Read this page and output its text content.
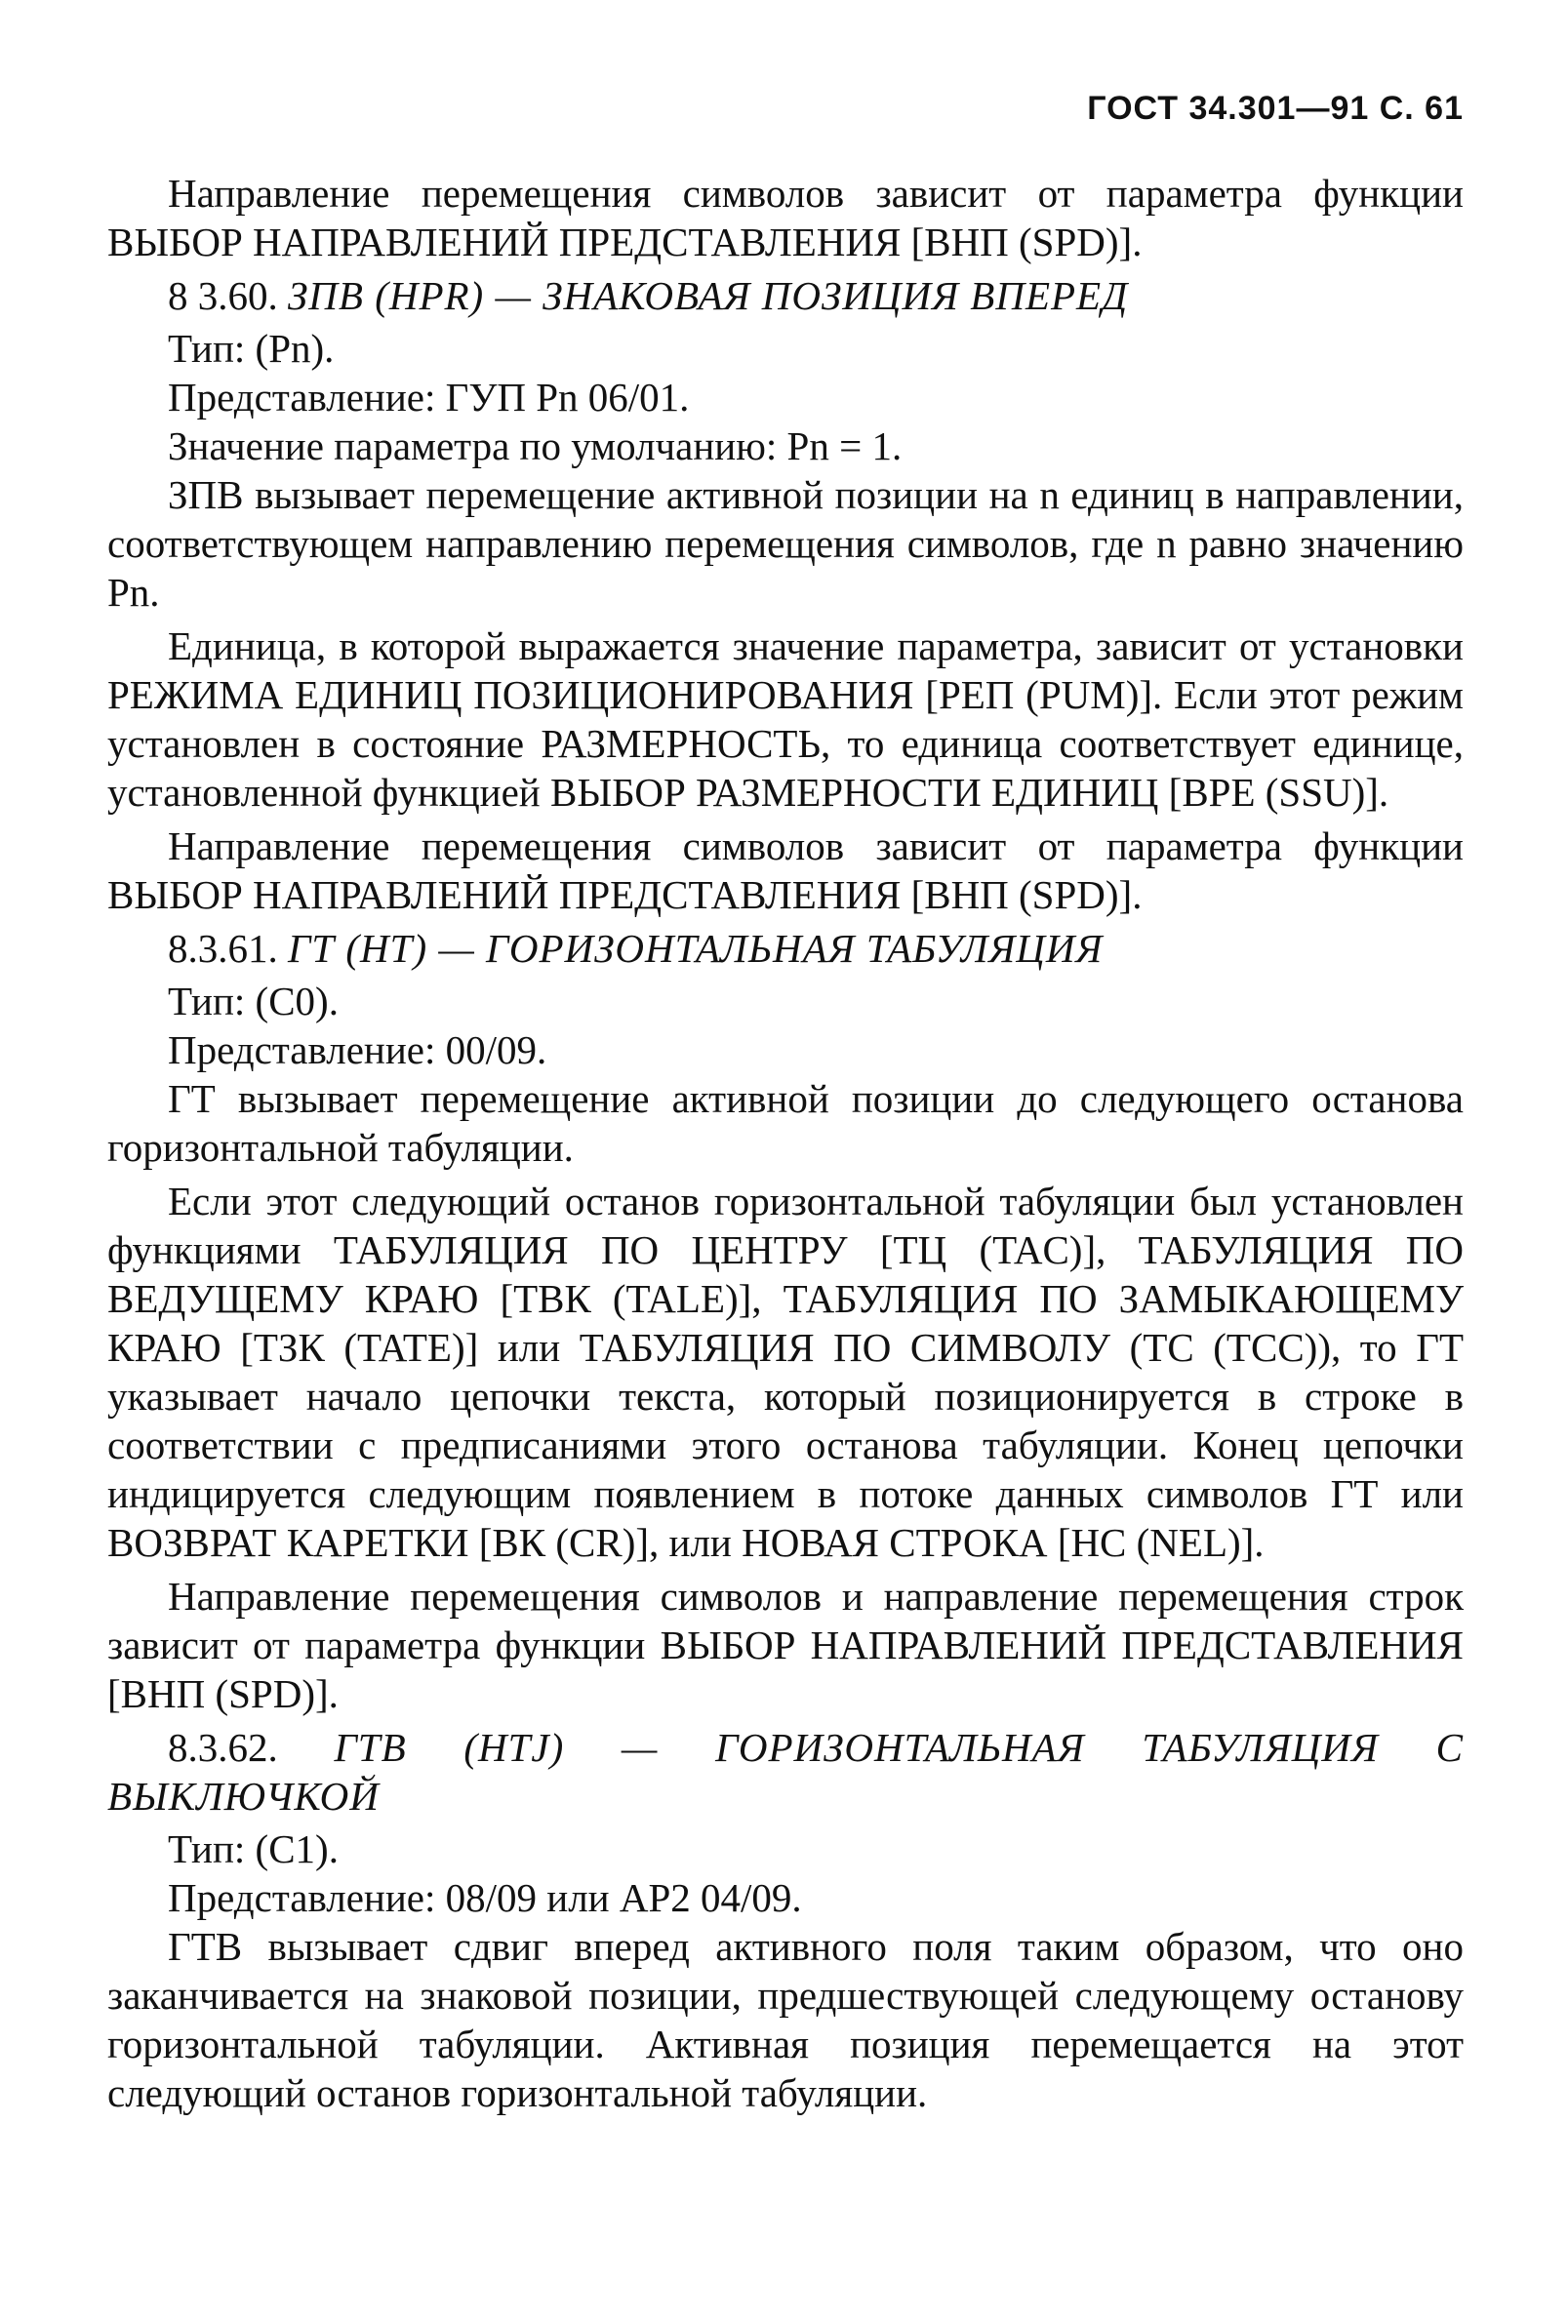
ГОСТ 34.301—91 С. 61

Направление перемещения символов зависит от параметра функции ВЫБОР НАПРАВЛЕНИЙ ПРЕДСТАВЛЕНИЯ [ВНП (SPD)].

8 3.60. ЗПВ (HPR) — ЗНАКОВАЯ ПОЗИЦИЯ ВПЕРЕД

Тип: (Pn).

Представление: ГУП Pn 06/01.

Значение параметра по умолчанию: Pn = 1.

ЗПВ вызывает перемещение активной позиции на n единиц в направлении, соответствующем направлению перемещения символов, где n равно значению Pn.

Единица, в которой выражается значение параметра, зависит от установки РЕЖИМА ЕДИНИЦ ПОЗИЦИОНИРОВАНИЯ [РЕП (PUM)]. Если этот режим установлен в состояние РАЗМЕРНОСТЬ, то единица соответствует единице, установленной функцией ВЫБОР РАЗМЕРНОСТИ ЕДИНИЦ [ВРЕ (SSU)].

Направление перемещения символов зависит от параметра функции ВЫБОР НАПРАВЛЕНИЙ ПРЕДСТАВЛЕНИЯ [ВНП (SPD)].

8.3.61. ГТ (HT) — ГОРИЗОНТАЛЬНАЯ ТАБУЛЯЦИЯ

Тип: (C0).

Представление: 00/09.

ГТ вызывает перемещение активной позиции до следующего останова горизонтальной табуляции.

Если этот следующий останов горизонтальной табуляции был установлен функциями ТАБУЛЯЦИЯ ПО ЦЕНТРУ [ТЦ (TAC)], ТАБУЛЯЦИЯ ПО ВЕДУЩЕМУ КРАЮ [ТВК (TALE)], ТАБУЛЯЦИЯ ПО ЗАМЫКАЮЩЕМУ КРАЮ [ТЗК (TATE)] или ТАБУЛЯЦИЯ ПО СИМВОЛУ (ТС (TCC)), то ГТ указывает начало цепочки текста, который позиционируется в строке в соответствии с предписаниями этого останова табуляции. Конец цепочки индицируется следующим появлением в потоке данных символов ГТ или ВОЗВРАТ КАРЕТКИ [ВК (CR)], или НОВАЯ СТРОКА [НС (NEL)].

Направление перемещения символов и направление перемещения строк зависит от параметра функции ВЫБОР НАПРАВЛЕНИЙ ПРЕДСТАВЛЕНИЯ [ВНП (SPD)].

8.3.62. ГТВ (HTJ) — ГОРИЗОНТАЛЬНАЯ ТАБУЛЯЦИЯ С ВЫКЛЮЧКОЙ

Тип: (C1).

Представление: 08/09 или АР2 04/09.

ГТВ вызывает сдвиг вперед активного поля таким образом, что оно заканчивается на знаковой позиции, предшествующей следующему останову горизонтальной табуляции. Активная позиция перемещается на этот следующий останов горизонтальной табуляции.
